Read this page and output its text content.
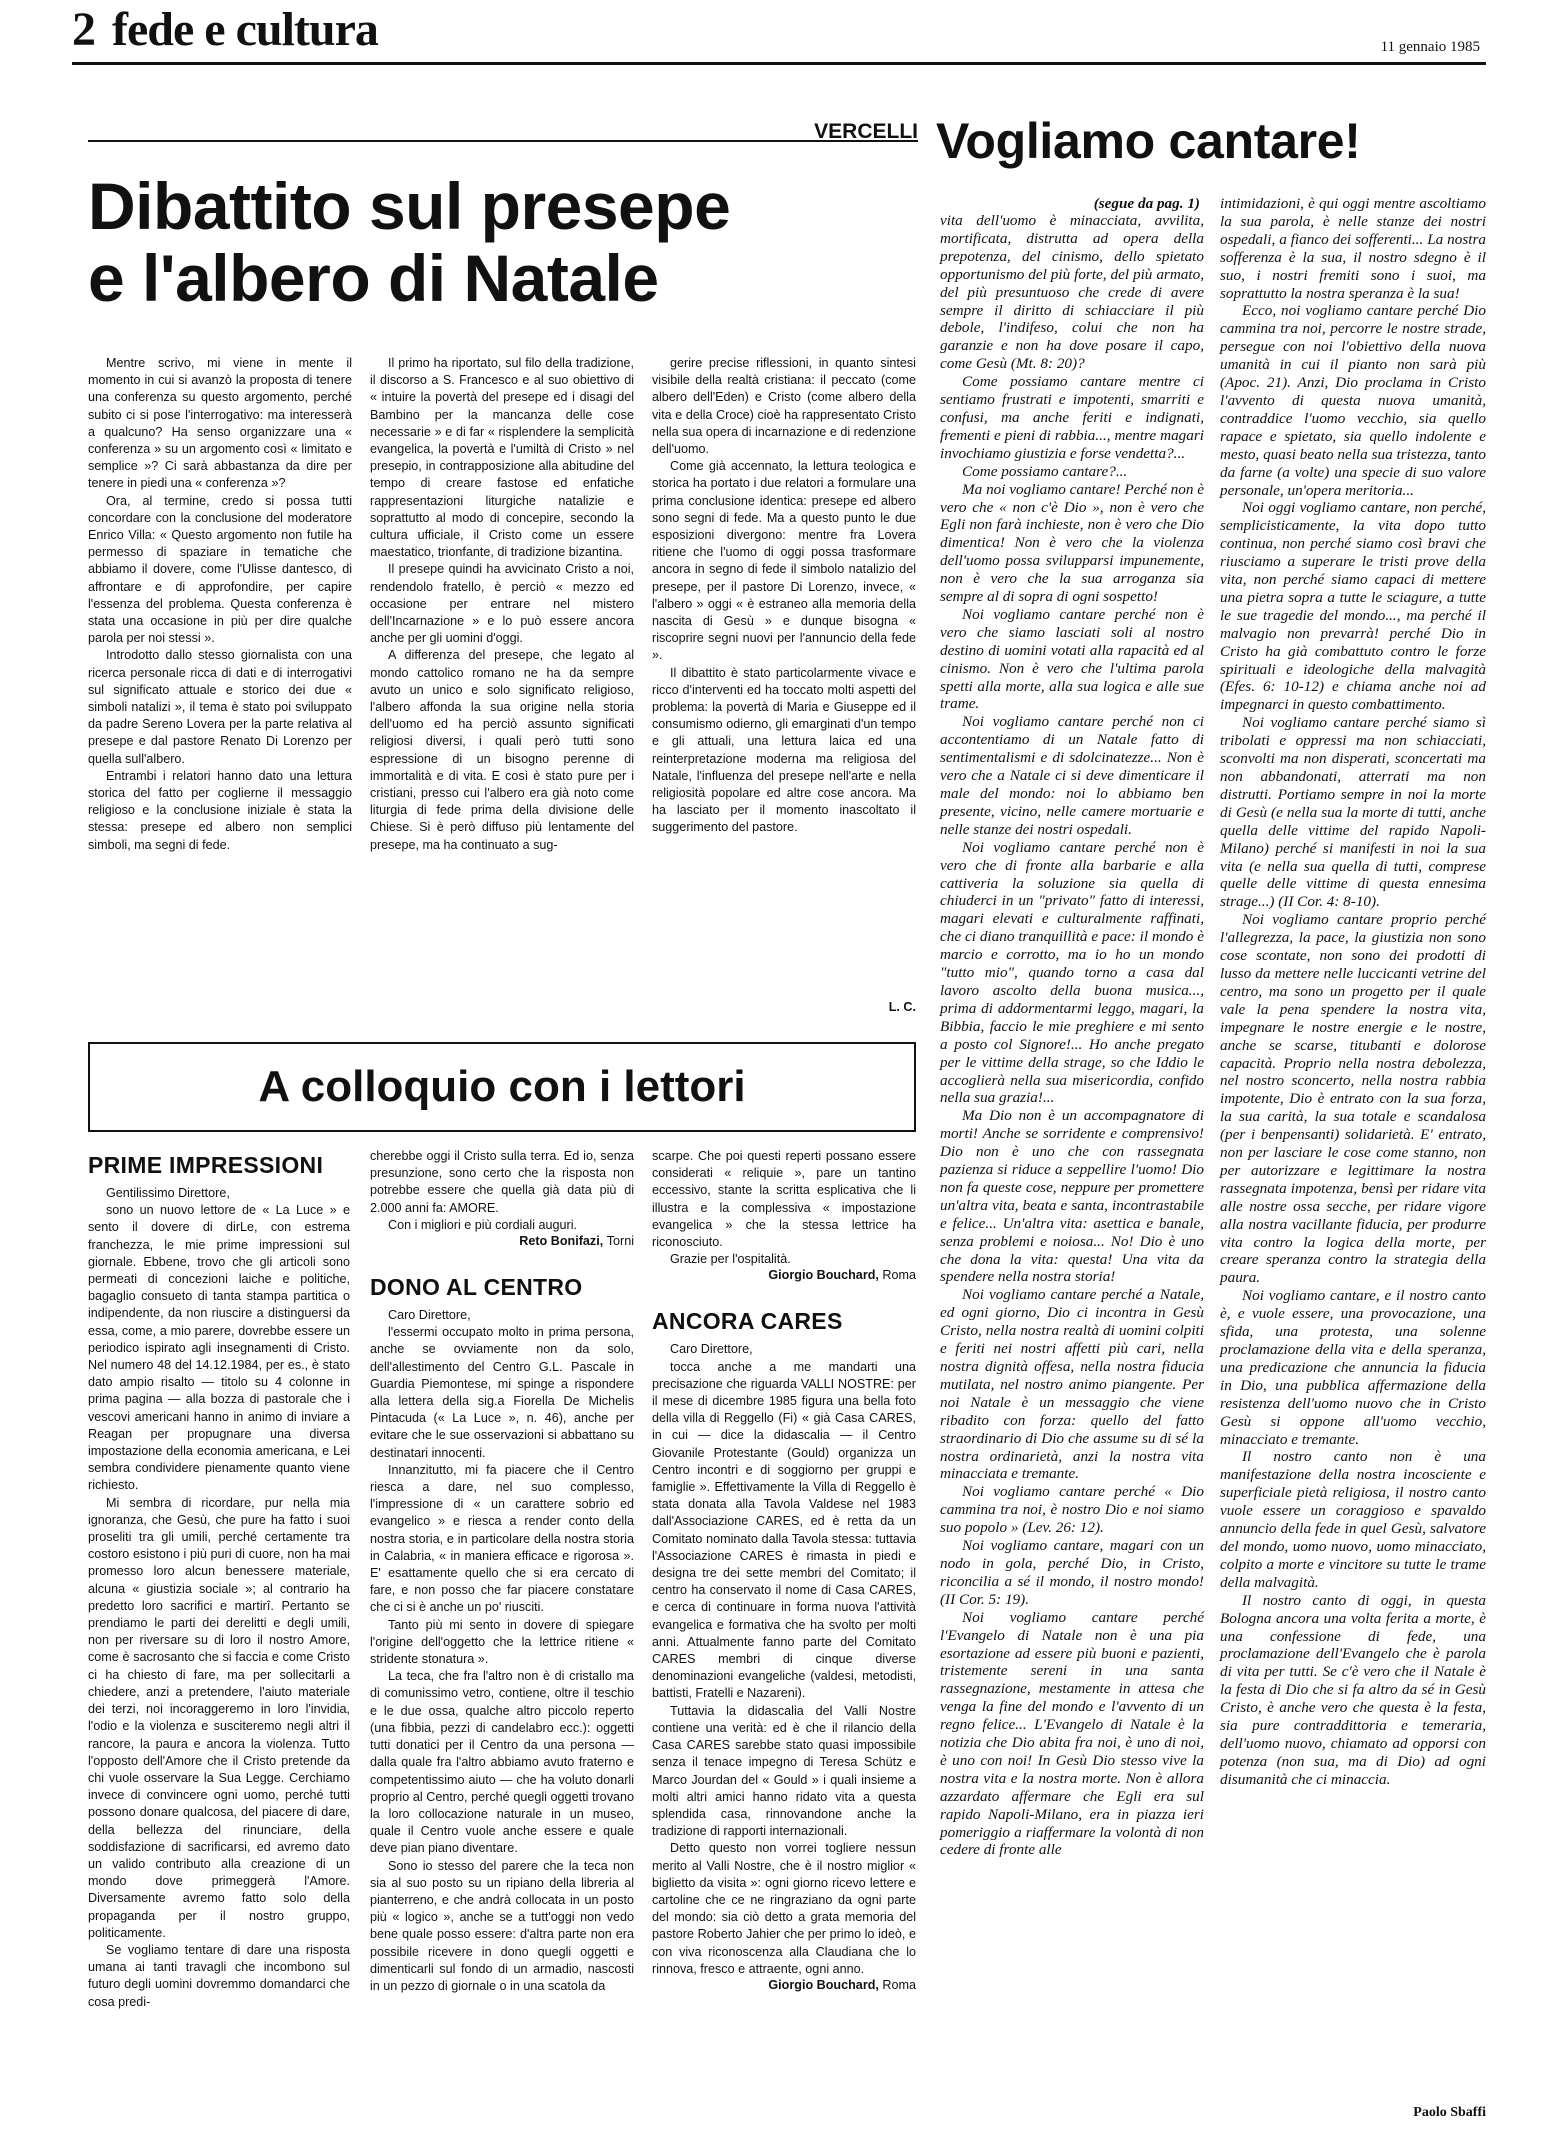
2 fede e cultura	11 gennaio 1985
VERCELLI
Dibattito sul presepe
e l'albero di Natale

Mentre scrivo, mi viene in mente il momento in cui si avanzò la proposta di tenere una conferenza su questo argomento, perché subito ci si pose l'interrogativo: ma interesserà a qualcuno? Ha senso organizzare una « conferenza » su un argomento così « limitato e semplice »? Ci sarà abbastanza da dire per tenere in piedi una « conferenza »?

Ora, al termine, credo si possa tutti concordare con la conclusione del moderatore Enrico Villa: « Questo argomento non futile ha permesso di spaziare in tematiche che abbiamo il dovere, come l'Ulisse dantesco, di affrontare e di approfondire, per capire l'essenza del problema. Questa conferenza è stata una occasione in più per dire qualche parola per noi stessi ».

Introdotto dallo stesso giornalista con una ricerca personale ricca di dati e di interrogativi sul significato attuale e storico dei due « simboli natalizi », il tema è stato poi sviluppato da padre Sereno Lovera per la parte relativa al presepe e dal pastore Renato Di Lorenzo per quella sull'albero.

Entrambi i relatori hanno dato una lettura storica del fatto per coglierne il messaggio religioso e la conclusione iniziale è stata la stessa: presepe ed albero non semplici simboli, ma segni di fede.

Il primo ha riportato, sul filo della tradizione, il discorso a S. Francesco e al suo obiettivo di « intuire la povertà del presepe ed i disagi del Bambino per la mancanza delle cose necessarie » e di far « risplendere la semplicità evangelica, la povertà e l'umiltà di Cristo » nel presepio, in contrapposizione alla abitudine del tempo di creare fastose ed enfatiche rappresentazioni liturgiche natalizie e soprattutto al modo di concepire, secondo la cultura ufficiale, il Cristo come un essere maestatico, trionfante, di tradizione bizantina.

Il presepe quindi ha avvicinato Cristo a noi, rendendolo fratello, è perciò « mezzo ed occasione per entrare nel mistero dell'Incarnazione » e lo può essere ancora anche per gli uomini d'oggi.

A differenza del presepe, che legato al mondo cattolico romano ne ha da sempre avuto un unico e solo significato religioso, l'albero affonda la sua origine nella storia dell'uomo ed ha perciò assunto significati religiosi diversi, i quali però tutti sono espressione di un bisogno perenne di immortalità e di vita. E così è stato pure per i cristiani, presso cui l'albero era già noto come liturgia di fede prima della divisione delle Chiese. Si è però diffuso più lentamente del presepe, ma ha continuato a sug-

gerire precise riflessioni, in quanto sintesi visibile della realtà cristiana: il peccato (come albero dell'Eden) e Cristo (come albero della vita e della Croce) cioè ha rappresentato Cristo nella sua opera di incarnazione e di redenzione dell'uomo.

Come già accennato, la lettura teologica e storica ha portato i due relatori a formulare una prima conclusione identica: presepe ed albero sono segni di fede. Ma a questo punto le due esposizioni divergono: mentre fra Lovera ritiene che l'uomo di oggi possa trasformare ancora in segno di fede il simbolo natalizio del presepe, per il pastore Di Lorenzo, invece, « l'albero » oggi « è estraneo alla memoria della nascita di Gesù » e dunque bisogna « riscoprire segni nuovi per l'annuncio della fede ».

Il dibattito è stato particolarmente vivace e ricco d'interventi ed ha toccato molti aspetti del problema: la povertà di Maria e Giuseppe ed il consumismo odierno, gli emarginati d'un tempo e gli attuali, una lettura laica ed una reinterpretazione moderna ma religiosa del Natale, l'influenza del presepe nell'arte e nella religiosità popolare ed altre cose ancora. Ma ha lasciato per il momento inascoltato il suggerimento del pastore.

L. C.
Vogliamo cantare!
(segue da pag. 1)

vita dell'uomo è minacciata, avvilita, mortificata, distrutta ad opera della prepotenza, del cinismo, dello spietato opportunismo del più forte, del più armato, del più presuntuoso che crede di avere sempre il diritto di schiacciare il più debole, l'indifeso, colui che non ha garanzie e non ha dove posare il capo, come Gesù (Mt. 8: 20)?

Come possiamo cantare mentre ci sentiamo frustrati e impotenti, smarriti e confusi, ma anche feriti e indignati, frementi e pieni di rabbia..., mentre magari invochiamo giustizia e forse vendetta?...

Come possiamo cantare?...

Ma noi vogliamo cantare! Perché non è vero che « non c'è Dio », non è vero che Egli non farà inchieste, non è vero che Dio dimentica! Non è vero che la violenza dell'uomo possa svilupparsi impunemente, non è vero che la sua arroganza sia sempre al di sopra di ogni sospetto!

Noi vogliamo cantare perché non è vero che siamo lasciati soli al nostro destino di uomini votati alla rapacità ed al cinismo. Non è vero che l'ultima parola spetti alla morte, alla sua logica e alle sue trame.

Noi vogliamo cantare perché non ci accontentiamo di un Natale fatto di sentimentalismi e di sdolcinatezze... Non è vero che a Natale ci si deve dimenticare il male del mondo: noi lo abbiamo ben presente, vicino, nelle camere mortuarie e nelle stanze dei nostri ospedali.

Noi vogliamo cantare perché non è vero che di fronte alla barbarie e alla cattiveria la soluzione sia quella di chiuderci in un "privato" fatto di interessi, magari elevati e culturalmente raffinati, che ci diano tranquillità e pace: il mondo è marcio e corrotto, ma io ho un mondo "tutto mio", quando torno a casa dal lavoro ascolto della buona musica..., prima di addormentarmi leggo, magari, la Bibbia, faccio le mie preghiere e mi sento a posto col Signore!... Ho anche pregato per le vittime della strage, so che Iddio le accoglierà nella sua misericordia, confido nella sua grazia!...

Ma Dio non è un accompagnatore di morti! Anche se sorridente e comprensivo! Dio non è uno che con rassegnata pazienza si riduce a seppellire l'uomo! Dio non fa queste cose, neppure per promettere un'altra vita, beata e santa, incontrastabile e felice... Un'altra vita: asettica e banale, senza problemi e noiosa... No! Dio è uno che dona la vita: questa! Una vita da spendere nella nostra storia!

Noi vogliamo cantare perché a Natale, ed ogni giorno, Dio ci incontra in Gesù Cristo, nella nostra realtà di uomini colpiti e feriti nei nostri affetti più cari, nella nostra dignità offesa, nella nostra fiducia mutilata, nel nostro animo piangente. Per noi Natale è un messaggio che viene ribadito con forza: quello del fatto straordinario di Dio che assume su di sé la nostra ordinarietà, anzi la nostra vita minacciata e tremante.

Noi vogliamo cantare perché « Dio cammina tra noi, è nostro Dio e noi siamo suo popolo » (Lev. 26: 12).

Noi vogliamo cantare, magari con un nodo in gola, perché Dio, in Cristo, riconcilia a sé il mondo, il nostro mondo! (II Cor. 5: 19).

Noi vogliamo cantare perché l'Evangelo di Natale non è una pia esortazione ad essere più buoni e pazienti, tristemente sereni in una santa rassegnazione, mestamente in attesa che venga la fine del mondo e l'avvento di un regno felice... L'Evangelo di Natale è la notizia che Dio abita fra noi, è uno di noi, è uno con noi! In Gesù Dio stesso vive la nostra vita e la nostra morte. Non è allora azzardato affermare che Egli era sul rapido Napoli-Milano, era in piazza ieri pomeriggio a riaffermare la volontà di non cedere di fronte alle

intimidazioni, è qui oggi mentre ascoltiamo la sua parola, è nelle stanze dei nostri ospedali, a fianco dei sofferenti... La nostra sofferenza è la sua, il nostro sdegno è il suo, i nostri fremiti sono i suoi, ma soprattutto la nostra speranza è la sua!

Ecco, noi vogliamo cantare perché Dio cammina tra noi, percorre le nostre strade, persegue con noi l'obiettivo della nuova umanità in cui il pianto non sarà più (Apoc. 21). Anzi, Dio proclama in Cristo l'avvento di questa nuova umanità, contraddice l'uomo vecchio, sia quello rapace e spietato, sia quello indolente e mesto, quasi beato nella sua tristezza, tanto da farne (a volte) una specie di suo valore personale, un'opera meritoria...

Noi oggi vogliamo cantare, non perché, semplicisticamente, la vita dopo tutto continua, non perché siamo così bravi che riusciamo a superare le tristi prove della vita, non perché siamo capaci di mettere una pietra sopra a tutte le sciagure, a tutte le sue tragedie del mondo..., ma perché il malvagio non prevarrà! perché Dio in Cristo ha già combattuto contro le forze spirituali e ideologiche della malvagità (Efes. 6: 10-12) e chiama anche noi ad impegnarci in questo combattimento.

Noi vogliamo cantare perché siamo sì tribolati e oppressi ma non schiacciati, sconvolti ma non disperati, sconcertati ma non abbandonati, atterrati ma non distrutti. Portiamo sempre in noi la morte di Gesù (e nella sua la morte di tutti, anche quella delle vittime del rapido Napoli-Milano) perché si manifesti in noi la sua vita (e nella sua quella di tutti, comprese quelle delle vittime di questa ennesima strage...) (II Cor. 4: 8-10).

Noi vogliamo cantare proprio perché l'allegrezza, la pace, la giustizia non sono cose scontate, non sono dei prodotti di lusso da mettere nelle luccicanti vetrine del centro, ma sono un progetto per il quale vale la pena spendere la nostra vita, impegnare le nostre energie e le nostre, anche se scarse, titubanti e dolorose capacità. Proprio nella nostra debolezza, nel nostro sconcerto, nella nostra rabbia impotente, Dio è entrato con la sua forza, la sua carità, la sua totale e scandalosa (per i benpensanti) solidarietà. E' entrato, non per lasciare le cose come stanno, non per autorizzare e legittimare la nostra rassegnata impotenza, bensì per ridare vita alle nostre ossa secche, per ridare vigore alla nostra vacillante fiducia, per produrre vita contro la logica della morte, per creare speranza contro la strategia della paura.

Noi vogliamo cantare, e il nostro canto è, e vuole essere, una provocazione, una sfida, una protesta, una solenne proclamazione della vita e della speranza, una predicazione che annuncia la fiducia in Dio, una pubblica affermazione della resistenza dell'uomo nuovo che in Cristo Gesù si oppone all'uomo vecchio, minacciato e tremante.

Il nostro canto non è una manifestazione della nostra incosciente e superficiale pietà religiosa, il nostro canto vuole essere un coraggioso e spavaldo annuncio della fede in quel Gesù, salvatore del mondo, uomo nuovo, uomo minacciato, colpito a morte e vincitore su tutte le trame della malvagità.

Il nostro canto di oggi, in questa Bologna ancora una volta ferita a morte, è una confessione di fede, una proclamazione dell'Evangelo che è parola di vita per tutti. Se c'è vero che il Natale è la festa di Dio che si fa altro da sé in Gesù Cristo, è anche vero che questa è la festa, sia pure contraddittoria e temeraria, dell'uomo nuovo, chiamato ad opporsi con potenza (non sua, ma di Dio) ad ogni disumanità che ci minaccia.

Paolo Sbaffi
A colloquio con i lettori
PRIME IMPRESSIONI

Gentilissimo Direttore,

sono un nuovo lettore de « La Luce » e sento il dovere di dirLe, con estrema franchezza, le mie prime impressioni sul giornale. Ebbene, trovo che gli articoli sono permeati di concezioni laiche e politiche, bagaglio consueto di tanta stampa partitica o indipendente, da non riuscire a distinguersi da essa, come, a mio parere, dovrebbe essere un periodico ispirato agli insegnamenti di Cristo. Nel numero 48 del 14.12.1984, per es., è stato dato ampio risalto — titolo su 4 colonne in prima pagina — alla bozza di pastorale che i vescovi americani hanno in animo di inviare a Reagan per propugnare una diversa impostazione della economia americana, e Lei sembra condividere pienamente quanto viene richiesto.

Mi sembra di ricordare, pur nella mia ignoranza, che Gesù, che pure ha fatto i suoi proseliti tra gli umili, perché certamente tra costoro esistono i più puri di cuore, non ha mai promesso loro alcun benessere materiale, alcuna « giustizia sociale »; al contrario ha predetto loro sacrifici e martirî. Pertanto se prendiamo le parti dei derelitti e degli umili, non per riversare su di loro il nostro Amore, come è sacrosanto che si faccia e come Cristo ci ha chiesto di fare, ma per sollecitarli a chiedere, anzi a pretendere, l'aiuto materiale dei terzi, noi incoraggeremo in loro l'invidia, l'odio e la violenza e susciteremo negli altri il rancore, la paura e ancora la violenza. Tutto l'opposto dell'Amore che il Cristo pretende da chi vuole osservare la Sua Legge. Cerchiamo invece di convincere ogni uomo, perché tutti possono donare qualcosa, del piacere di dare, della bellezza del rinunciare, della soddisfazione di sacrificarsi, ed avremo dato un valido contributo alla creazione di un mondo dove primeggerà l'Amore. Diversamente avremo fatto solo della propaganda per il nostro gruppo, politicamente.

Se vogliamo tentare di dare una risposta umana ai tanti travagli che incombono sul futuro degli uomini dovremmo domandarci che cosa predi-

cherebbe oggi il Cristo sulla terra. Ed io, senza presunzione, sono certo che la risposta non potrebbe essere che quella già data più di 2.000 anni fa: AMORE.

Con i migliori e più cordiali auguri.

Reto Bonifazi, Torni
DONO AL CENTRO

Caro Direttore,

l'essermi occupato molto in prima persona, anche se ovviamente non da solo, dell'allestimento del Centro G.L. Pascale in Guardia Piemontese, mi spinge a rispondere alla lettera della sig.a Fiorella De Michelis Pintacuda (« La Luce », n. 46), anche per evitare che le sue osservazioni si abbattano su destinatari innocenti.

Innanzitutto, mi fa piacere che il Centro riesca a dare, nel suo complesso, l'impressione di « un carattere sobrio ed evangelico » e riesca a render conto della nostra storia, e in particolare della nostra storia in Calabria, « in maniera efficace e rigorosa ». E' esattamente quello che si era cercato di fare, e non posso che far piacere constatare che ci si è anche un po' riusciti.

Tanto più mi sento in dovere di spiegare l'origine dell'oggetto che la lettrice ritiene « stridente stonatura ».

La teca, che fra l'altro non è di cristallo ma di comunissimo vetro, contiene, oltre il teschio e le due ossa, qualche altro piccolo reperto (una fibbia, pezzi di candelabro ecc.): oggetti tutti donatici per il Centro da una persona — dalla quale fra l'altro abbiamo avuto fraterno e competentissimo aiuto — che ha voluto donarli proprio al Centro, perché quegli oggetti trovano la loro collocazione naturale in un museo, quale il Centro vuole anche essere e quale deve pian piano diventare.

Sono io stesso del parere che la teca non sia al suo posto su un ripiano della libreria al pianterreno, e che andrà collocata in un posto più « logico », anche se a tutt'oggi non vedo bene quale posso essere: d'altra parte non era possibile ricevere in dono quegli oggetti e dimenticarli sul fondo di un armadio, nascosti in un pezzo di giornale o in una scatola da

scarpe. Che poi questi reperti possano essere considerati « reliquie », pare un tantino eccessivo, stante la scritta esplicativa che li illustra e la complessiva « impostazione evangelica » che la stessa lettrice ha riconosciuto.

Grazie per l'ospitalità.

Giorgio Bouchard, Roma
ANCORA CARES

Caro Direttore,

tocca anche a me mandarti una precisazione che riguarda VALLI NOSTRE: per il mese di dicembre 1985 figura una bella foto della villa di Reggello (Fi) « già Casa CARES, in cui — dice la didascalia — il Centro Giovanile Protestante (Gould) organizza un Centro incontri e di soggiorno per gruppi e famiglie ». Effettivamente la Villa di Reggello è stata donata alla Tavola Valdese nel 1983 dall'Associazione CARES, ed è retta da un Comitato nominato dalla Tavola stessa: tuttavia l'Associazione CARES è rimasta in piedi e designa tre dei sette membri del Comitato; il centro ha conservato il nome di Casa CARES, e cerca di continuare in forma nuova l'attività evangelica e formativa che ha svolto per molti anni. Attualmente fanno parte del Comitato CARES membri di cinque diverse denominazioni evangeliche (valdesi, metodisti, battisti, Fratelli e Nazareni).

Tuttavia la didascalia del Valli Nostre contiene una verità: ed è che il rilancio della Casa CARES sarebbe stato quasi impossibile senza il tenace impegno di Teresa Schütz e Marco Jourdan del « Gould » i quali insieme a molti altri amici hanno ridato vita a questa splendida casa, rinnovandone anche la tradizione di rapporti internazionali.

Detto questo non vorrei togliere nessun merito al Valli Nostre, che è il nostro miglior « biglietto da visita »: ogni giorno ricevo lettere e cartoline che ce ne ringraziano da ogni parte del mondo: sia ciò detto a grata memoria del pastore Roberto Jahier che per primo lo ideò, e con viva riconoscenza alla Claudiana che lo rinnova, fresco e attraente, ogni anno.

Giorgio Bouchard, Roma
